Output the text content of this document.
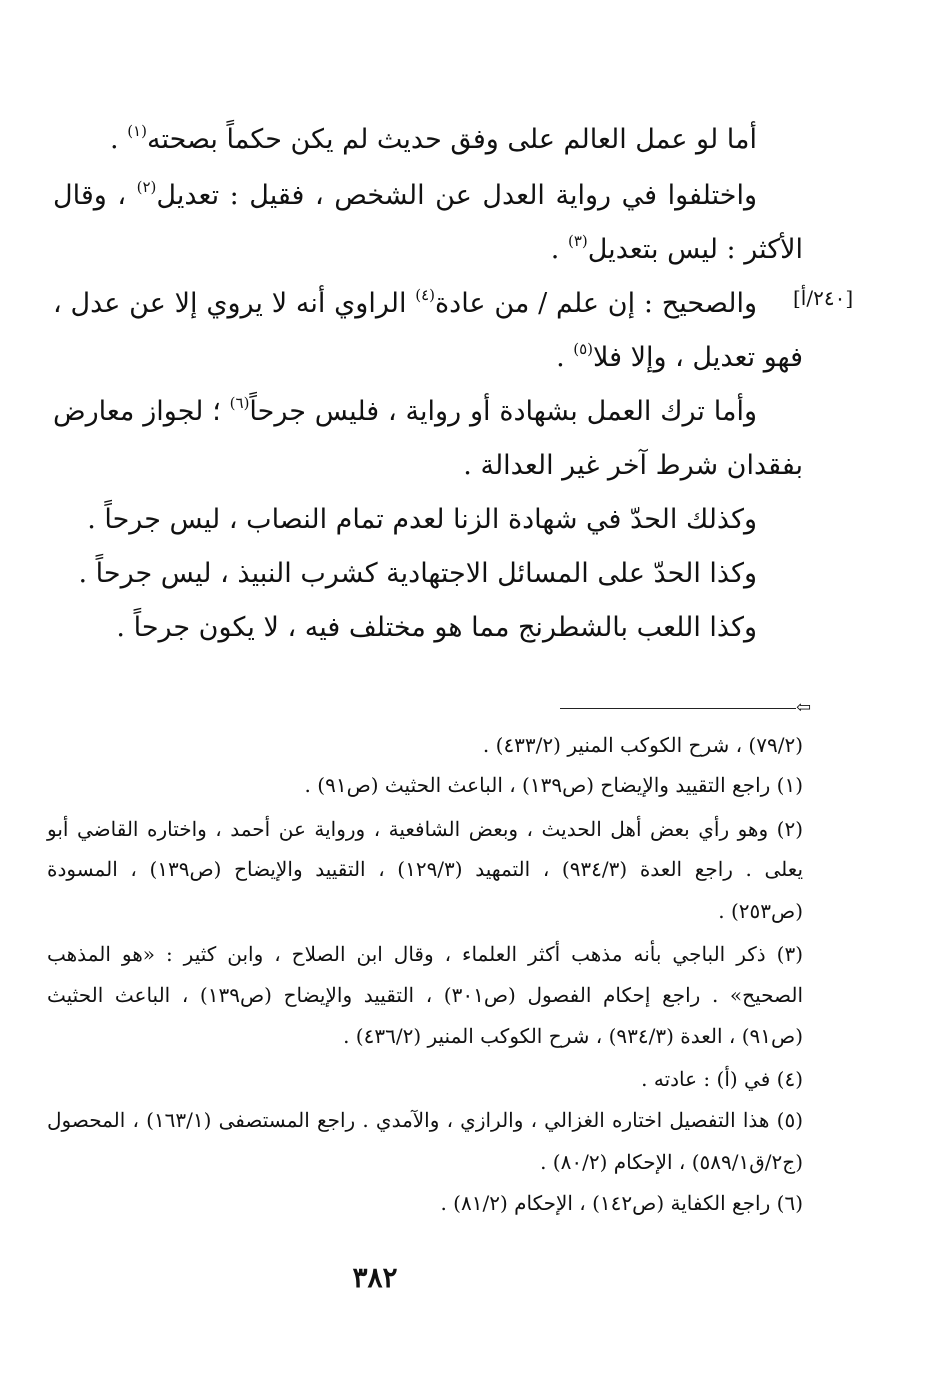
أما لو عمل العالم على وفق حديث لم يكن حكماً بصحته$^{(١)}$ .
واختلفوا في رواية العدل عن الشخص ، فقيل : تعديل$^{(٢)}$ ، وقال
الأكثر : ليس بتعديل$^{(٣)}$ .
[٢٤٠/أ]
والصحيح : إن علم / من عادة$^{(٤)}$ الراوي أنه لا يروي إلا عن عدل ،
فهو تعديل ، وإلا فلا$^{(٥)}$ .
وأما ترك العمل بشهادة أو رواية ، فليس جرحاً$^{(٦)}$ ؛ لجواز معارض
بفقدان شرط آخر غير العدالة .
وكذلك الحدّ في شهادة الزنا لعدم تمام النصاب ، ليس جرحاً .
وكذا الحدّ على المسائل الاجتهادية كشرب النبيذ ، ليس جرحاً .
وكذا اللعب بالشطرنج مما هو مختلف فيه ، لا يكون جرحاً .
⇦
(٧٩/٢) ، شرح الكوكب المنير (٤٣٣/٢) .
(١) راجع التقييد والإيضاح (ص١٣٩) ، الباعث الحثيث (ص٩١) .
(٢) وهو رأي بعض أهل الحديث ، وبعض الشافعية ، ورواية عن أحمد ، واختاره القاضي أبو
يعلى . راجع العدة (٩٣٤/٣) ، التمهيد (١٢٩/٣) ، التقييد والإيضاح (ص١٣٩) ، المسودة
(ص٢٥٣) .
(٣) ذكر الباجي بأنه مذهب أكثر العلماء ، وقال ابن الصلاح ، وابن كثير : «هو المذهب
الصحيح» . راجع إحكام الفصول (ص٣٠١) ، التقييد والإيضاح (ص١٣٩) ، الباعث الحثيث
(ص٩١) ، العدة (٩٣٤/٣) ، شرح الكوكب المنير (٤٣٦/٢) .
(٤) في (أ) : عادته .
(٥) هذا التفصيل اختاره الغزالي ، والرازي ، والآمدي . راجع المستصفى (١٦٣/١) ، المحصول
(ج٢/ق٥٨٩/١) ، الإحكام (٨٠/٢) .
(٦) راجع الكفاية (ص١٤٢) ، الإحكام (٨١/٢) .
٣٨٢
